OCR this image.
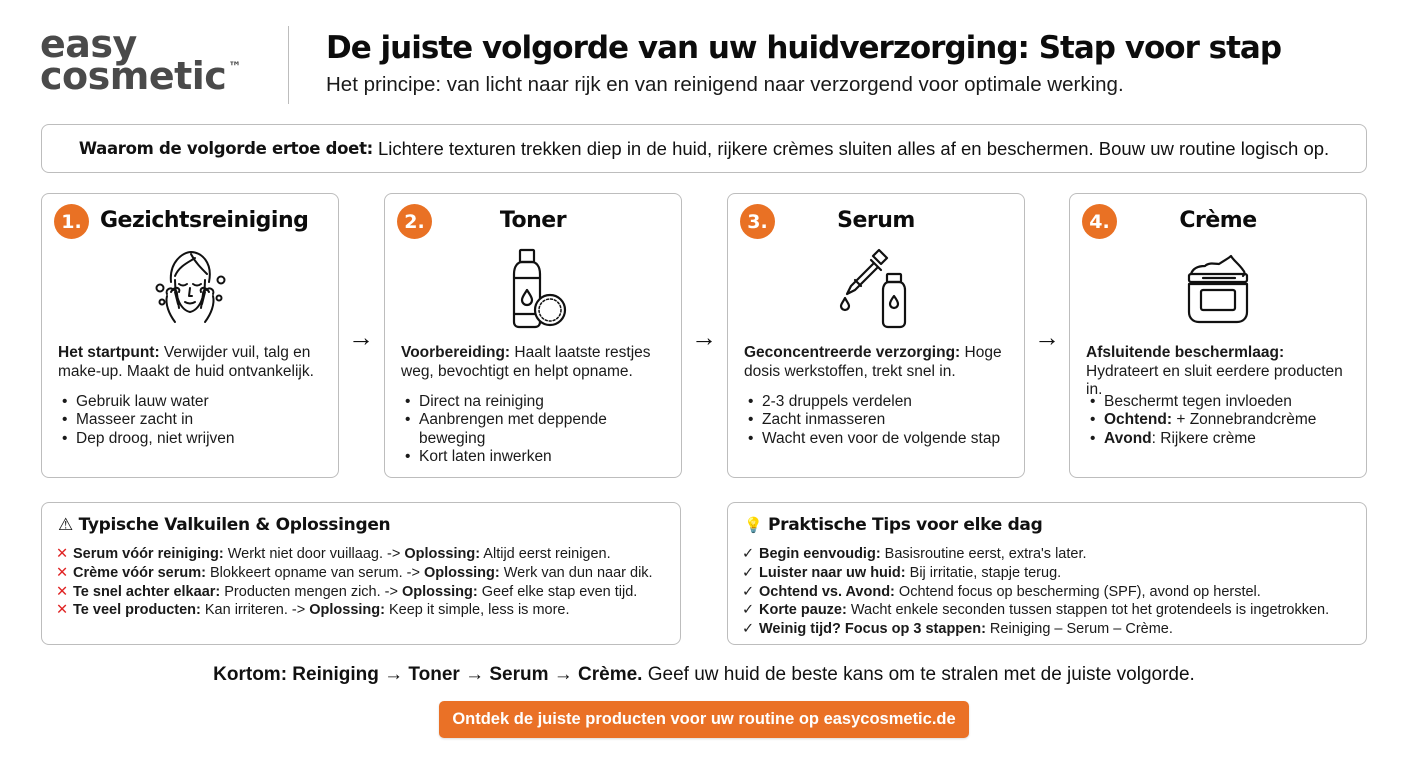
easy
cosmetic ™
De juiste volgorde van uw huidverzorging: Stap voor stap
Het principe: van licht naar rijk en van reinigend naar verzorgend voor optimale werking.
Waarom de volgorde ertoe doet: Lichtere texturen trekken diep in de huid, rijkere crèmes sluiten alles af en beschermen. Bouw uw routine logisch op.
1. Gezichtsreiniging
Het startpunt: Verwijder vuil, talg en make-up. Maakt de huid ontvankelijk.
• Gebruik lauw water
• Masseer zacht in
• Dep droog, niet wrijven
→
2.	Toner
Voorbereiding: Haalt laatste restjes weg, bevochtigt en helpt opname.
• Direct na reiniging
• Aanbrengen met deppende beweging
• Kort laten inwerken
→
3.	Serum
Geconcentreerde verzorging: Hoge dosis werkstoffen, trekt snel in.
• 2-3 druppels verdelen
• Zacht inmasseren
• Wacht even voor de volgende stap
→
4.	Crème
Afsluitende beschermlaag:
Hydrateert en sluit eerdere producten in.
• Beschermt tegen invloeden
• Ochtend: + Zonnebrandcrème
• Avond: Rijkere crème
⚠ Typische Valkuilen & Oplossingen
✕ Serum vóór reiniging: Werkt niet door vuillaag. -> Oplossing: Altijd eerst reinigen.
✕ Crème vóór serum: Blokkeert opname van serum. -> Oplossing: Werk van dun naar dik.
✕ Te snel achter elkaar: Producten mengen zich. -> Oplossing: Geef elke stap even tijd.
✕ Te veel producten: Kan irriteren. -> Oplossing: Keep it simple, less is more.
💡 Praktische Tips voor elke dag
✓ Begin eenvoudig: Basisroutine eerst, extra's later.
✓ Luister naar uw huid: Bij irritatie, stapje terug.
✓ Ochtend vs. Avond: Ochtend focus op bescherming (SPF), avond op herstel.
✓ Korte pauze: Wacht enkele seconden tussen stappen tot het grotendeels is ingetrokken.
✓ Weinig tijd? Focus op 3 stappen: Reiniging – Serum – Crème.
Kortom: Reiniging → Toner → Serum → Crème. Geef uw huid de beste kans om te stralen met de juiste volgorde.
Ontdek de juiste producten voor uw routine op easycosmetic.de
